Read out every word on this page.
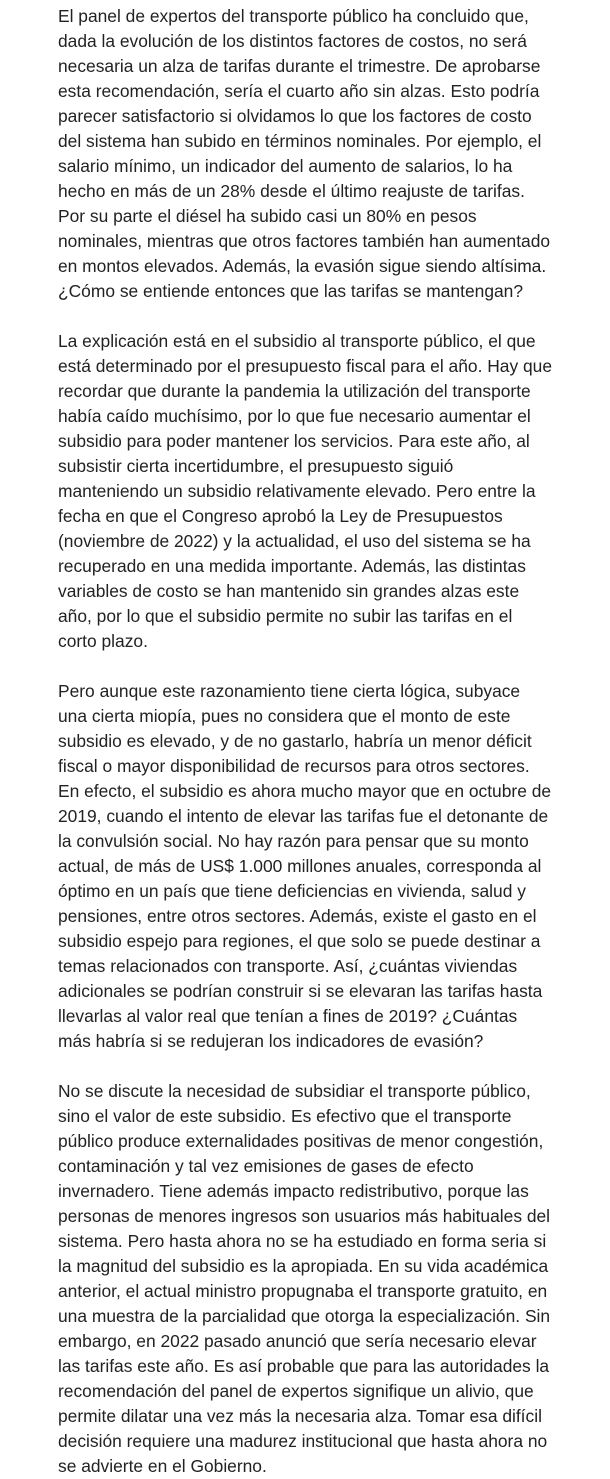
El panel de expertos del transporte público ha concluido que,
dada la evolución de los distintos factores de costos, no será
necesaria un alza de tarifas durante el trimestre. De aprobarse
esta recomendación, sería el cuarto año sin alzas. Esto podría
parecer satisfactorio si olvidamos lo que los factores de costo
del sistema han subido en términos nominales. Por ejemplo, el
salario mínimo, un indicador del aumento de salarios, lo ha
hecho en más de un 28% desde el último reajuste de tarifas.
Por su parte el diésel ha subido casi un 80% en pesos
nominales, mientras que otros factores también han aumentado
en montos elevados. Además, la evasión sigue siendo altísima.
¿Cómo se entiende entonces que las tarifas se mantengan?

La explicación está en el subsidio al transporte público, el que
está determinado por el presupuesto fiscal para el año. Hay que
recordar que durante la pandemia la utilización del transporte
había caído muchísimo, por lo que fue necesario aumentar el
subsidio para poder mantener los servicios. Para este año, al
subsistir cierta incertidumbre, el presupuesto siguió
manteniendo un subsidio relativamente elevado. Pero entre la
fecha en que el Congreso aprobó la Ley de Presupuestos
(noviembre de 2022) y la actualidad, el uso del sistema se ha
recuperado en una medida importante. Además, las distintas
variables de costo se han mantenido sin grandes alzas este
año, por lo que el subsidio permite no subir las tarifas en el
corto plazo.

Pero aunque este razonamiento tiene cierta lógica, subyace
una cierta miopía, pues no considera que el monto de este
subsidio es elevado, y de no gastarlo, habría un menor déficit
fiscal o mayor disponibilidad de recursos para otros sectores.
En efecto, el subsidio es ahora mucho mayor que en octubre de
2019, cuando el intento de elevar las tarifas fue el detonante de
la convulsión social. No hay razón para pensar que su monto
actual, de más de US$ 1.000 millones anuales, corresponda al
óptimo en un país que tiene deficiencias en vivienda, salud y
pensiones, entre otros sectores. Además, existe el gasto en el
subsidio espejo para regiones, el que solo se puede destinar a
temas relacionados con transporte. Así, ¿cuántas viviendas
adicionales se podrían construir si se elevaran las tarifas hasta
llevarlas al valor real que tenían a fines de 2019? ¿Cuántas
más habría si se redujeran los indicadores de evasión?

No se discute la necesidad de subsidiar el transporte público,
sino el valor de este subsidio. Es efectivo que el transporte
público produce externalidades positivas de menor congestión,
contaminación y tal vez emisiones de gases de efecto
invernadero. Tiene además impacto redistributivo, porque las
personas de menores ingresos son usuarios más habituales del
sistema. Pero hasta ahora no se ha estudiado en forma seria si
la magnitud del subsidio es la apropiada. En su vida académica
anterior, el actual ministro propugnaba el transporte gratuito, en
una muestra de la parcialidad que otorga la especialización. Sin
embargo, en 2022 pasado anunció que sería necesario elevar
las tarifas este año. Es así probable que para las autoridades la
recomendación del panel de expertos signifique un alivio, que
permite dilatar una vez más la necesaria alza. Tomar esa difícil
decisión requiere una madurez institucional que hasta ahora no
se advierte en el Gobierno.
